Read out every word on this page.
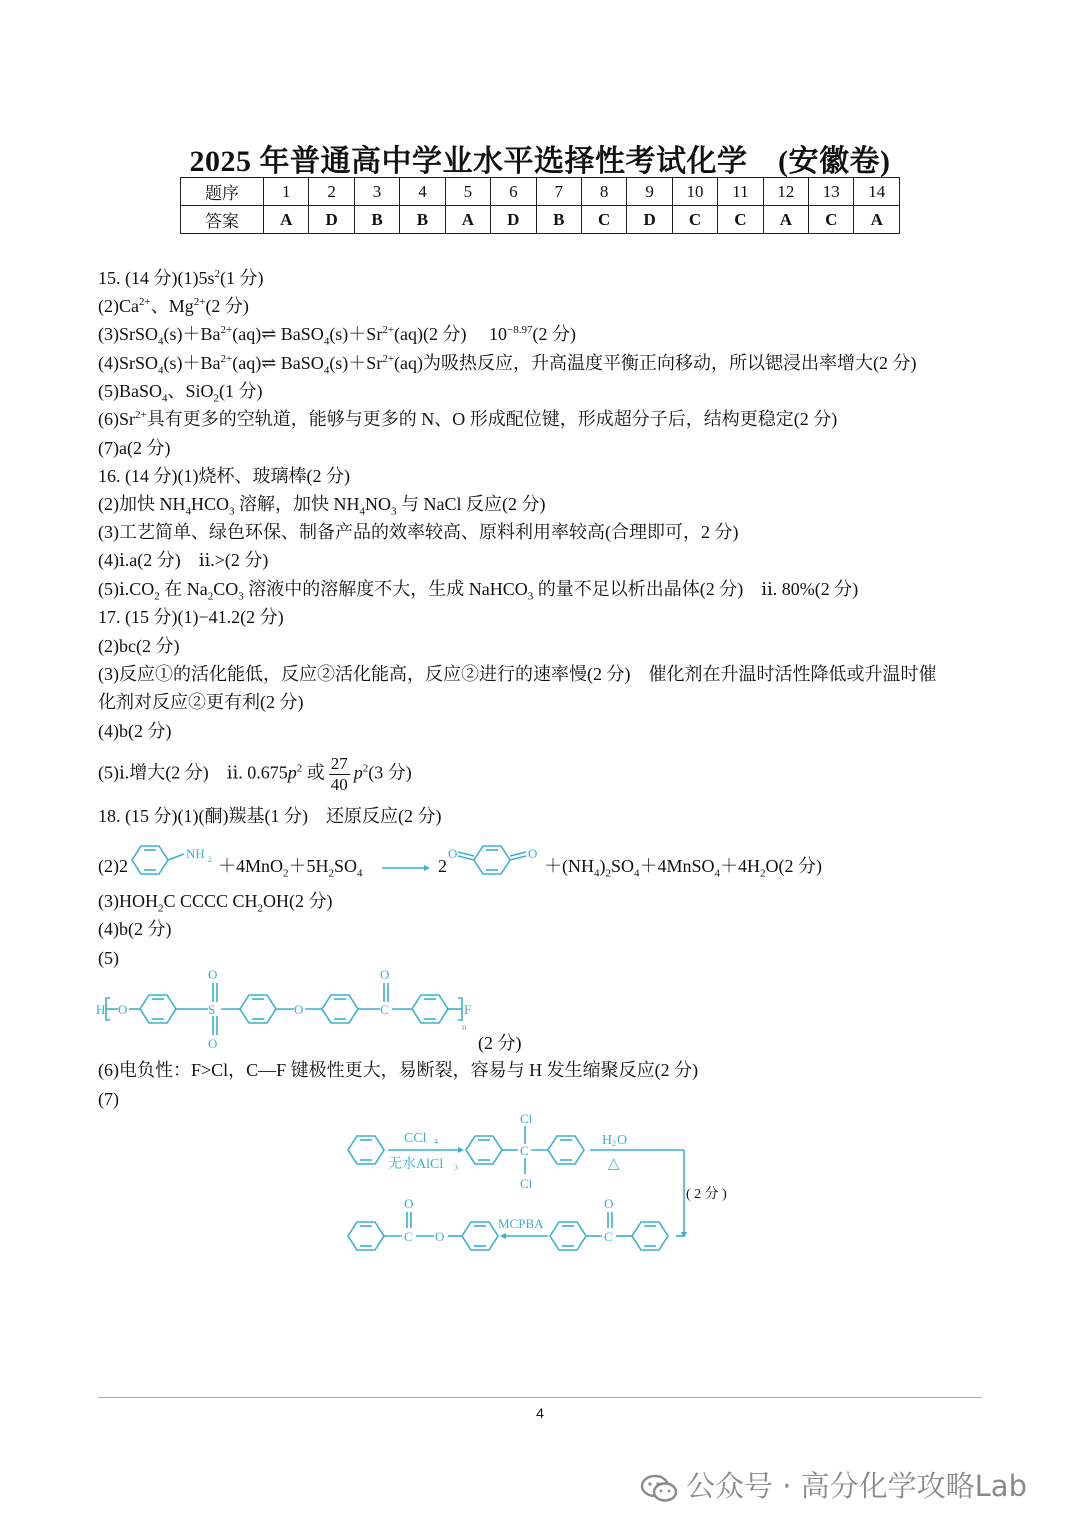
2025 年普通高中学业水平选择性考试化学　(安徽卷)
题序	1	2	3	4	5	6	7	8	9	10	11	12	13	14
答案	A	D	B	B	A	D	B	C	D	C	C	A	C	A
15. (14 分)$(1)5s^2(1$ 分)
$(2)Ca^{2+}$、$Mg^{2+}(2$ 分)
$(3)SrSO_4(s)+Ba^{2+}(aq)\rightleftharpoons$ $BaSO_4(s)+Sr^{2+}(aq)(2$ 分)　 $10^{-8.97}(2$ 分)
$(4)SrSO_4(s)+Ba^{2+}(aq)\rightleftharpoons$ $BaSO_4(s)+Sr^{2+}(aq)$为吸热反应，升高温度平衡正向移动，所以锶浸出率增大(2 分)
(5)BaSO$_4$、SiO$_2$(1 分)
$(6)Sr^{2+}$具有更多的空轨道，能够与更多的 N、O 形成配位键，形成超分子后，结构更稳定(2 分)
(7)a(2 分)
16. (14 分)(1)烧杯、玻璃棒(2 分)
(2)加快 $NH_4HCO_3$ 溶解，加快 $NH_4NO_3$ 与 NaCl 反应(2 分)
(3)工艺简单、绿色环保、制备产品的效率较高、原料利用率较高(合理即可，2 分)
(4)ⅰ.a(2 分)　ⅱ.>(2 分)
$(5)ⅰ.CO_2$ 在 $Na_2CO_3$ 溶液中的溶解度不大，生成 NaHCO$_3$ 的量不足以析出晶体(2 分)　ⅱ. 80%(2 分)
17. (15 分)(1)−41.2(2 分)
(2)bc(2 分)
(3)反应①的活化能低，反应②活化能高，反应②进行的速率慢(2 分)　催化剂在升温时活性降低或升温时催
化剂对反应②更有利(2 分)
(4)b(2 分)
(5)ⅰ.增大(2 分)　ⅱ. $0.675p^2$ 或 $\frac{27}{40} p^2(3$ 分)
18. (15 分)(1)(酮)羰基(1 分)　还原反应(2 分)
(2)2
NH $2 +4MnO_2+5H_2SO_4 \to 2$
O	O
$+(NH_4)_2SO_4+4MnSO_4+4H_2O(2$ 分)
$(3)HOH_2C$ CCCC $CH_2OH(2$ 分)
(4)b(2 分)
(5)
H O
O
S
O
O
O
C	F
n
(2 分)
(6)电负性：F>Cl，C—F 键极性更大，易断裂，容易与 H 发生缩聚反应(2 分)
(7)
CCl 4
无水AlCl 3
Cl
C
Cl
H 2 O
△
( 2 分 )
O
C
MCPBA
O
O
C
4
公众号 · 高分化学攻略Lab
